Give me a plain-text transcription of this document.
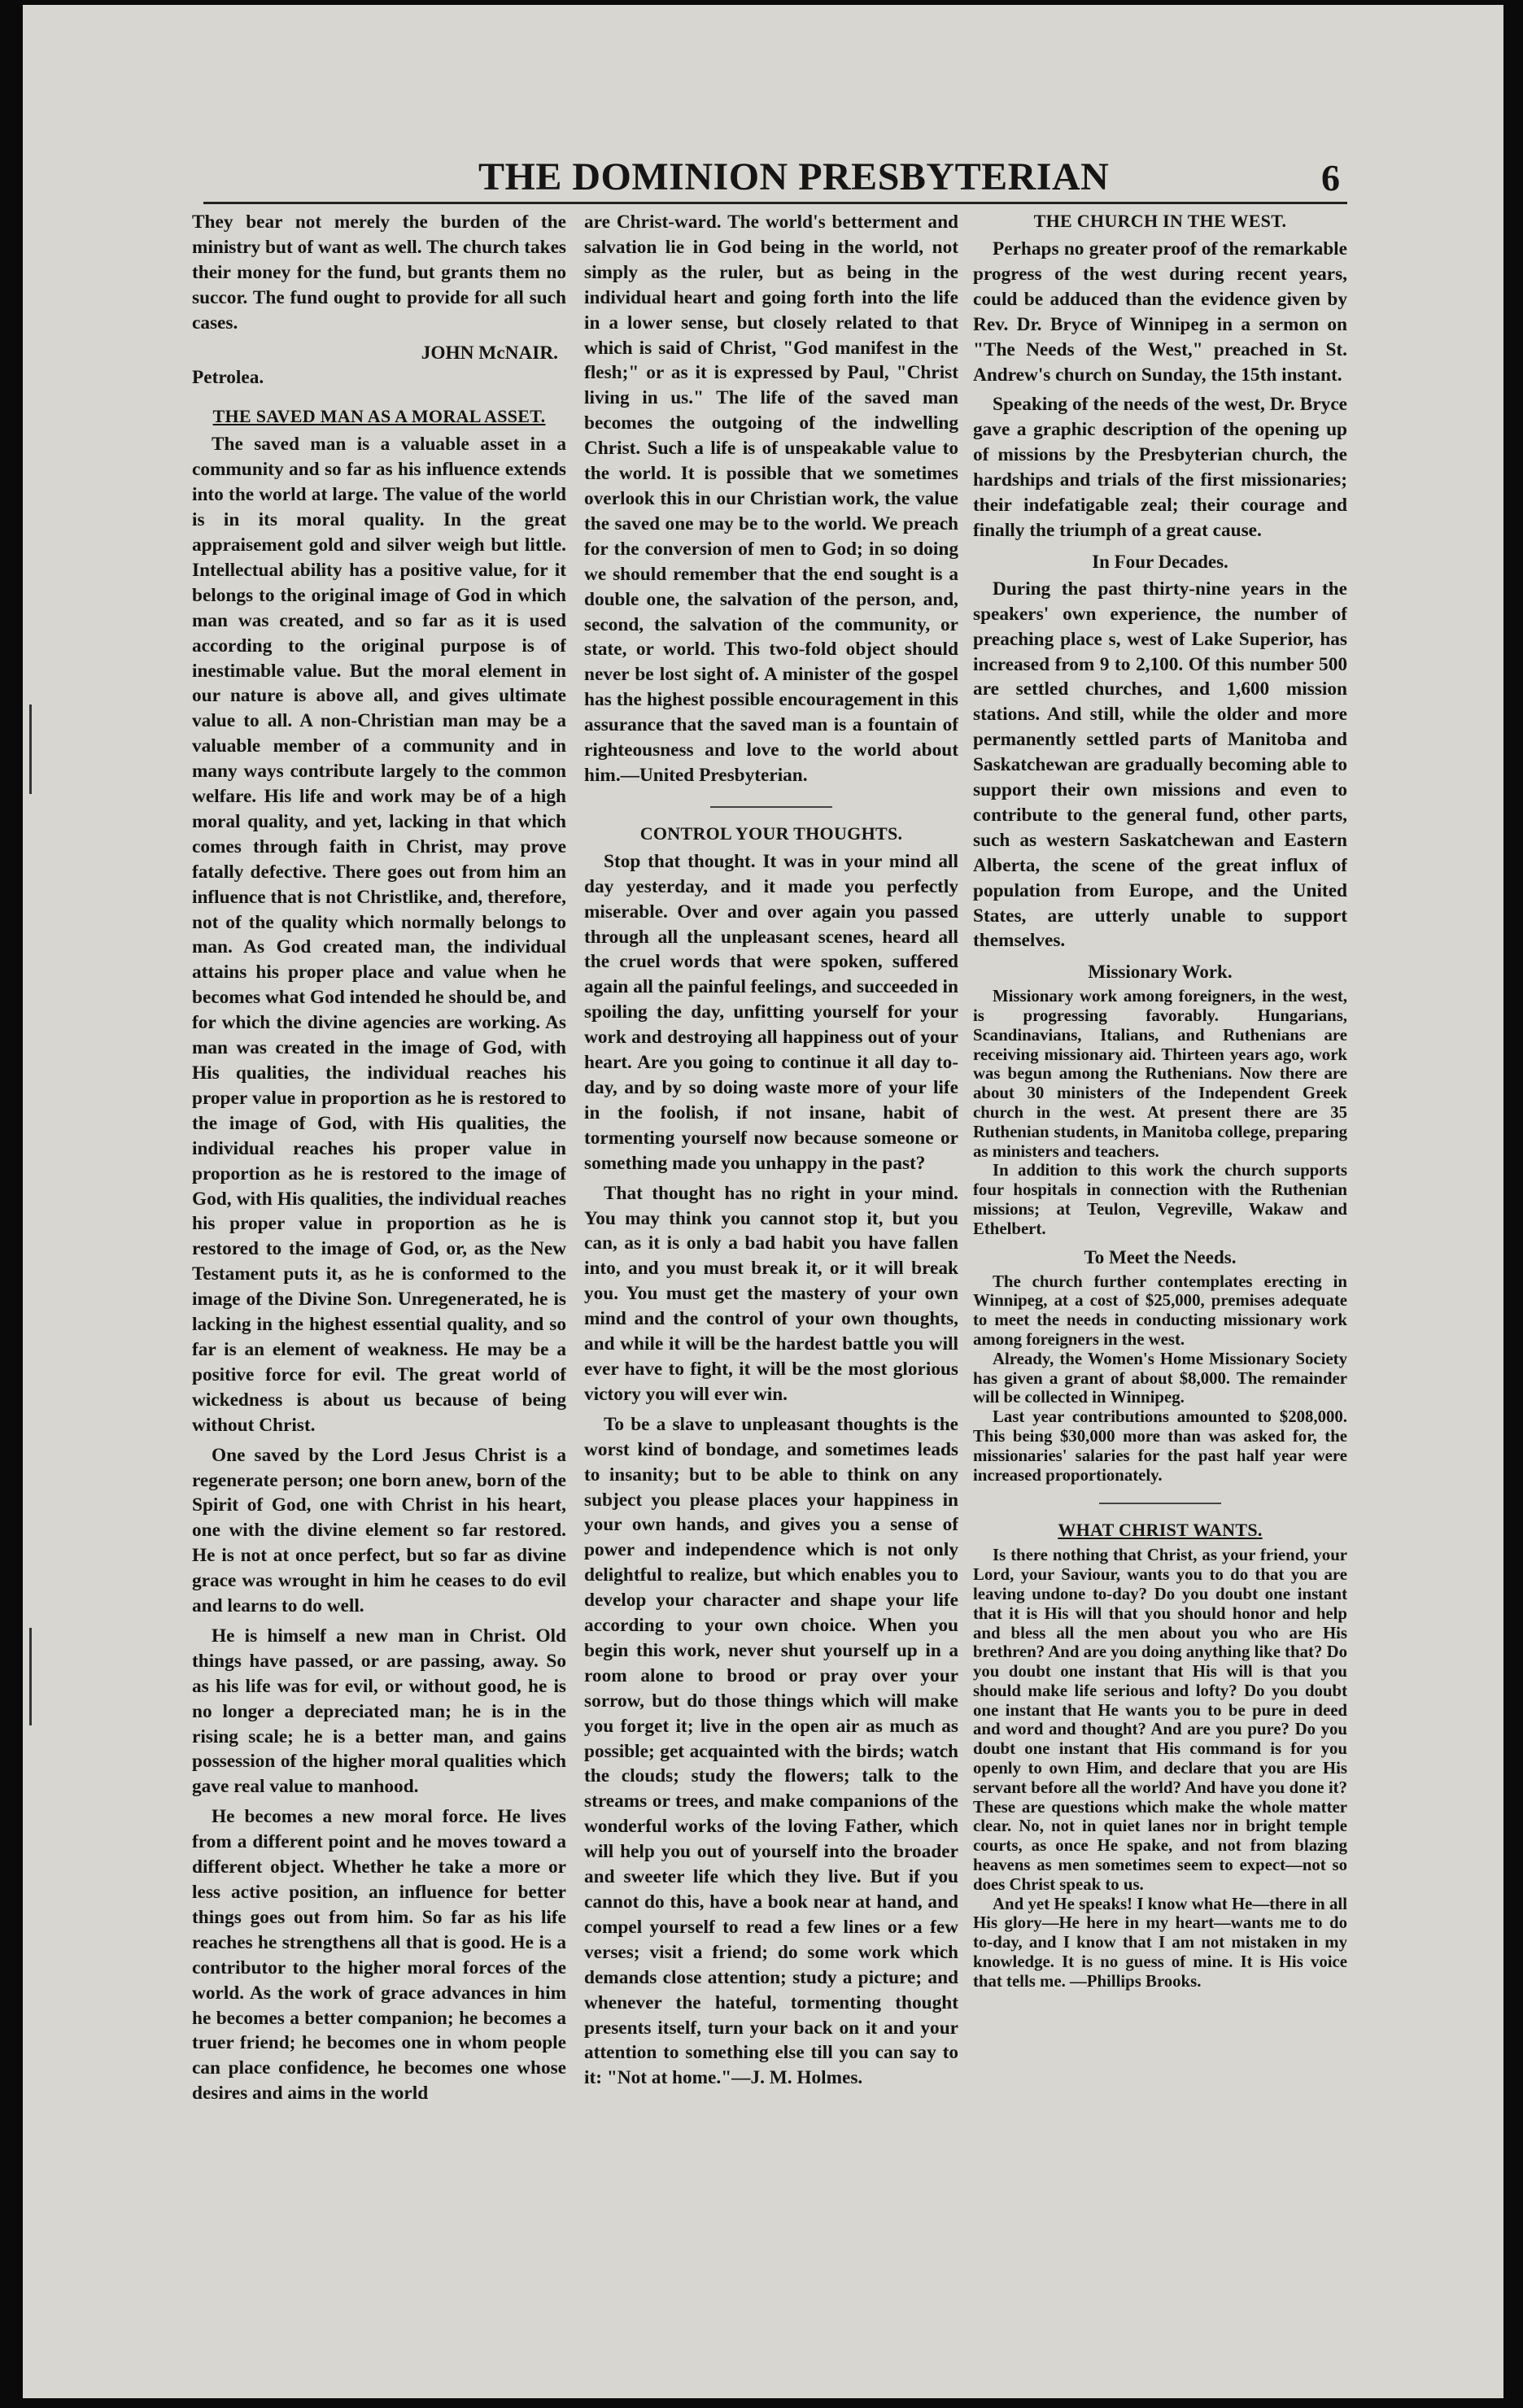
THE DOMINION PRESBYTERIAN	6

They bear not merely the burden of the ministry but of want as well. The church takes their money for the fund, but grants them no succor. The fund ought to provide for all such cases.

JOHN McNAIR.

Petrolea.

THE SAVED MAN AS A MORAL ASSET.

The saved man is a valuable asset in a community and so far as his influence extends into the world at large. The value of the world is in its moral quality. In the great appraisement gold and silver weigh but little. Intellectual ability has a positive value, for it belongs to the original image of God in which man was created, and so far as it is used according to the original purpose is of inestimable value. But the moral element in our nature is above all, and gives ultimate value to all. A non-Christian man may be a valuable member of a community and in many ways contribute largely to the common welfare. His life and work may be of a high moral quality, and yet, lacking in that which comes through faith in Christ, may prove fatally defective. There goes out from him an influence that is not Christlike, and, therefore, not of the quality which normally belongs to man. As God created man, the individual attains his proper place and value when he becomes what God intended he should be, and for which the divine agencies are working. As man was created in the image of God, with His qualities, the individual reaches his proper value in proportion as he is restored to the image of God, with His qualities, the individual reaches his proper value in proportion as he is restored to the image of God, with His qualities, the individual reaches his proper value in proportion as he is restored to the image of God, or, as the New Testament puts it, as he is conformed to the image of the Divine Son. Unregenerated, he is lacking in the highest essential quality, and so far is an element of weakness. He may be a positive force for evil. The great world of wickedness is about us because of being without Christ.

One saved by the Lord Jesus Christ is a regenerate person; one born anew, born of the Spirit of God, one with Christ in his heart, one with the divine element so far restored. He is not at once perfect, but so far as divine grace was wrought in him he ceases to do evil and learns to do well.

He is himself a new man in Christ. Old things have passed, or are passing, away. So as his life was for evil, or without good, he is no longer a depreciated man; he is in the rising scale; he is a better man, and gains possession of the higher moral qualities which gave real value to manhood.

He becomes a new moral force. He lives from a different point and he moves toward a different object. Whether he take a more or less active position, an influence for better things goes out from him. So far as his life reaches he strengthens all that is good. He is a contributor to the higher moral forces of the world. As the work of grace advances in him he becomes a better companion; he becomes a truer friend; he becomes one in whom people can place confidence, he becomes one whose desires and aims in the world

are Christ-ward. The world's betterment and salvation lie in God being in the world, not simply as the ruler, but as being in the individual heart and going forth into the life in a lower sense, but closely related to that which is said of Christ, "God manifest in the flesh;" or as it is expressed by Paul, "Christ living in us." The life of the saved man becomes the outgoing of the indwelling Christ. Such a life is of unspeakable value to the world. It is possible that we sometimes overlook this in our Christian work, the value the saved one may be to the world. We preach for the conversion of men to God; in so doing we should remember that the end sought is a double one, the salvation of the person, and, second, the salvation of the community, or state, or world. This two-fold object should never be lost sight of. A minister of the gospel has the highest possible encouragement in this assurance that the saved man is a fountain of righteousness and love to the world about him.—United Presbyterian.

CONTROL YOUR THOUGHTS.

Stop that thought. It was in your mind all day yesterday, and it made you perfectly miserable. Over and over again you passed through all the unpleasant scenes, heard all the cruel words that were spoken, suffered again all the painful feelings, and succeeded in spoiling the day, unfitting yourself for your work and destroying all happiness out of your heart. Are you going to continue it all day to-day, and by so doing waste more of your life in the foolish, if not insane, habit of tormenting yourself now because someone or something made you unhappy in the past?

That thought has no right in your mind. You may think you cannot stop it, but you can, as it is only a bad habit you have fallen into, and you must break it, or it will break you. You must get the mastery of your own mind and the control of your own thoughts, and while it will be the hardest battle you will ever have to fight, it will be the most glorious victory you will ever win.

To be a slave to unpleasant thoughts is the worst kind of bondage, and sometimes leads to insanity; but to be able to think on any subject you please places your happiness in your own hands, and gives you a sense of power and independence which is not only delightful to realize, but which enables you to develop your character and shape your life according to your own choice. When you begin this work, never shut yourself up in a room alone to brood or pray over your sorrow, but do those things which will make you forget it; live in the open air as much as possible; get acquainted with the birds; watch the clouds; study the flowers; talk to the streams or trees, and make companions of the wonderful works of the loving Father, which will help you out of yourself into the broader and sweeter life which they live. But if you cannot do this, have a book near at hand, and compel yourself to read a few lines or a few verses; visit a friend; do some work which demands close attention; study a picture; and whenever the hateful, tormenting thought presents itself, turn your back on it and your attention to something else till you can say to it: "Not at home."—J. M. Holmes.

THE CHURCH IN THE WEST.

Perhaps no greater proof of the remarkable progress of the west during recent years, could be adduced than the evidence given by Rev. Dr. Bryce of Winnipeg in a sermon on "The Needs of the West," preached in St. Andrew's church on Sunday, the 15th instant.

Speaking of the needs of the west, Dr. Bryce gave a graphic description of the opening up of missions by the Presbyterian church, the hardships and trials of the first missionaries; their indefatigable zeal; their courage and finally the triumph of a great cause.

In Four Decades.

During the past thirty-nine years in the speakers' own experience, the number of preaching place s, west of Lake Superior, has increased from 9 to 2,100. Of this number 500 are settled churches, and 1,600 mission stations. And still, while the older and more permanently settled parts of Manitoba and Saskatchewan are gradually becoming able to support their own missions and even to contribute to the general fund, other parts, such as western Saskatchewan and Eastern Alberta, the scene of the great influx of population from Europe, and the United States, are utterly unable to support themselves.

Missionary Work.

Missionary work among foreigners, in the west, is progressing favorably. Hungarians, Scandinavians, Italians, and Ruthenians are receiving missionary aid. Thirteen years ago, work was begun among the Ruthenians. Now there are about 30 ministers of the Independent Greek church in the west. At present there are 35 Ruthenian students, in Manitoba college, preparing as ministers and teachers.

In addition to this work the church supports four hospitals in connection with the Ruthenian missions; at Teulon, Vegreville, Wakaw and Ethelbert.

To Meet the Needs.

The church further contemplates erecting in Winnipeg, at a cost of $25,000, premises adequate to meet the needs in conducting missionary work among foreigners in the west.

Already, the Women's Home Missionary Society has given a grant of about $8,000. The remainder will be collected in Winnipeg.

Last year contributions amounted to $208,000. This being $30,000 more than was asked for, the missionaries' salaries for the past half year were increased proportionately.

WHAT CHRIST WANTS.

Is there nothing that Christ, as your friend, your Lord, your Saviour, wants you to do that you are leaving undone to-day? Do you doubt one instant that it is His will that you should honor and help and bless all the men about you who are His brethren? And are you doing anything like that? Do you doubt one instant that His will is that you should make life serious and lofty? Do you doubt one instant that He wants you to be pure in deed and word and thought? And are you pure? Do you doubt one instant that His command is for you openly to own Him, and declare that you are His servant before all the world? And have you done it? These are questions which make the whole matter clear. No, not in quiet lanes nor in bright temple courts, as once He spake, and not from blazing heavens as men sometimes seem to expect—not so does Christ speak to us.

And yet He speaks! I know what He—there in all His glory—He here in my heart—wants me to do to-day, and I know that I am not mistaken in my knowledge. It is no guess of mine. It is His voice that tells me. —Phillips Brooks.
